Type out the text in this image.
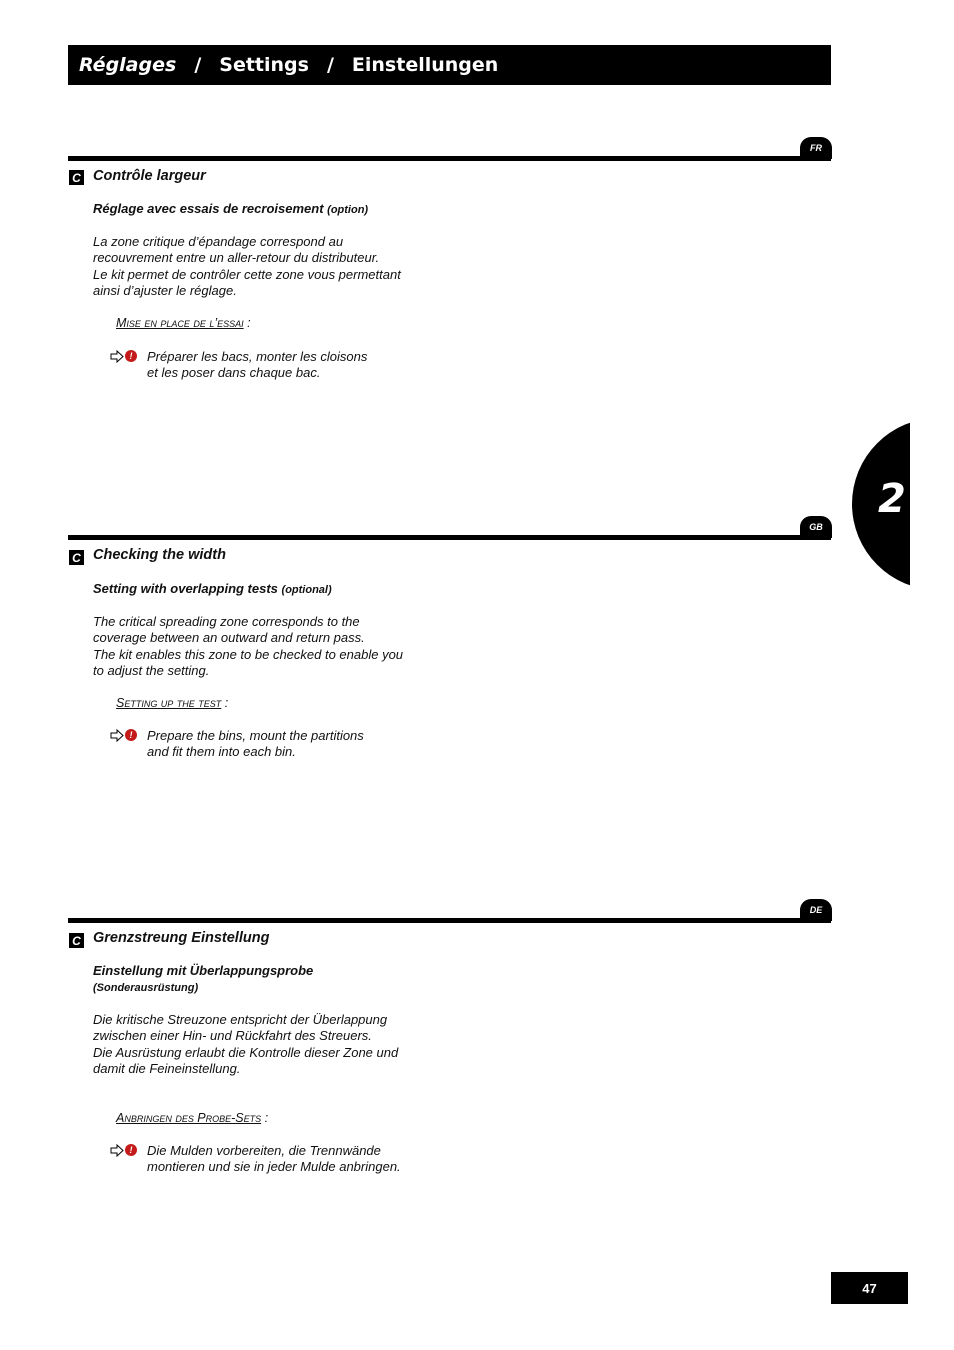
Réglages / Settings / Einstellungen
2
FR
C Contrôle largeur
Réglage avec essais de recroisement (option)
La zone critique d’épandage correspond au
recouvrement entre un aller-retour du distributeur.
Le kit permet de contrôler cette zone vous permettant
ainsi d’ajuster le réglage.
Mise en place de l’essai :
!	Préparer les bacs, monter les cloisons
et les poser dans chaque bac.
GB
C Checking the width
Setting with overlapping tests (optional)
The critical spreading zone corresponds to the
coverage between an outward and return pass.
The kit enables this zone to be checked to enable you
to adjust the setting.
Setting up the test :
!	Prepare the bins, mount the partitions
and fit them into each bin.
DE
C Grenzstreung Einstellung
Einstellung mit Überlappungsprobe
(Sonderausrüstung)
Die kritische Streuzone entspricht der Überlappung
zwischen einer Hin- und Rückfahrt des Streuers.
Die Ausrüstung erlaubt die Kontrolle dieser Zone und
damit die Feineinstellung.
Anbringen des Probe-Sets :
!	Die Mulden vorbereiten, die Trennwände
montieren und sie in jeder Mulde anbringen.
47
